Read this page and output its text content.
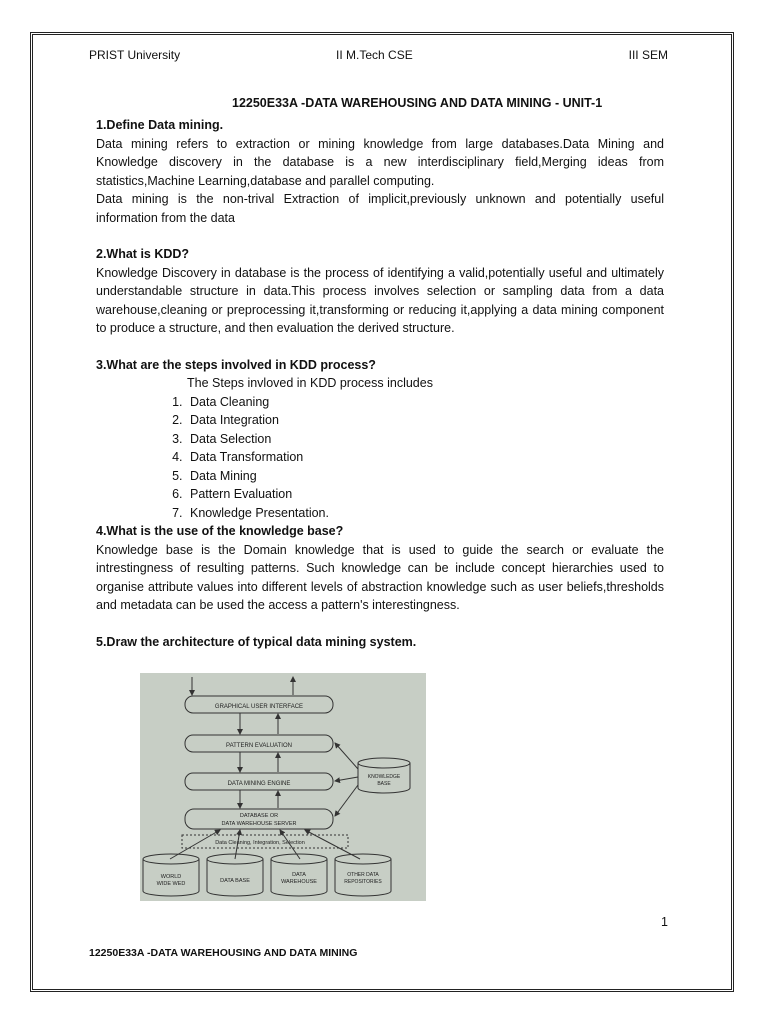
PRIST University	II M.Tech CSE	III SEM
12250E33A -DATA WAREHOUSING AND DATA MINING - UNIT-1

1.Define Data mining.

Data mining refers to extraction or mining knowledge from large databases.Data Mining and Knowledge discovery in the database is a new interdisciplinary field,Merging ideas from statistics,Machine Learning,database and parallel computing.

Data mining is the non-trival Extraction of implicit,previously unknown and potentially useful information from the data

2.What is KDD?

Knowledge Discovery in database is the process of identifying a valid,potentially useful and ultimately understandable structure in data.This process involves selection or sampling data from a data warehouse,cleaning or preprocessing it,transforming or reducing it,applying a data mining component to produce a structure, and then evaluation the derived structure.

3.What are the steps involved in KDD process?

The Steps invloved in KDD process includes

1. Data Cleaning
2. Data Integration
3. Data Selection
4. Data Transformation
5. Data Mining
6. Pattern Evaluation
7. Knowledge Presentation.

4.What is the use of the knowledge base?

Knowledge base is the Domain knowledge that is used to guide the search or evaluate the intrestingness of resulting patterns. Such knowledge can be include concept hierarchies used to organise attribute values into different levels of abstraction knowledge such as user beliefs,thresholds and metadata can be used the access a pattern's interestingness.

5.Draw the architecture of typical data mining system.

GRAPHICAL USER INTERFACE
PATTERN EVALUATION
DATA MINING ENGINE
KNOWLEDGE
BASE
DATABASE OR
DATA WAREHOUSE SERVER
Data Cleaning, Integration, Selection
WORLD
WIDE WED	DATA BASE
DATA
WAREHOUSE
OTHER DATA
REPOSITORIES
1
12250E33A -DATA WAREHOUSING AND DATA MINING
